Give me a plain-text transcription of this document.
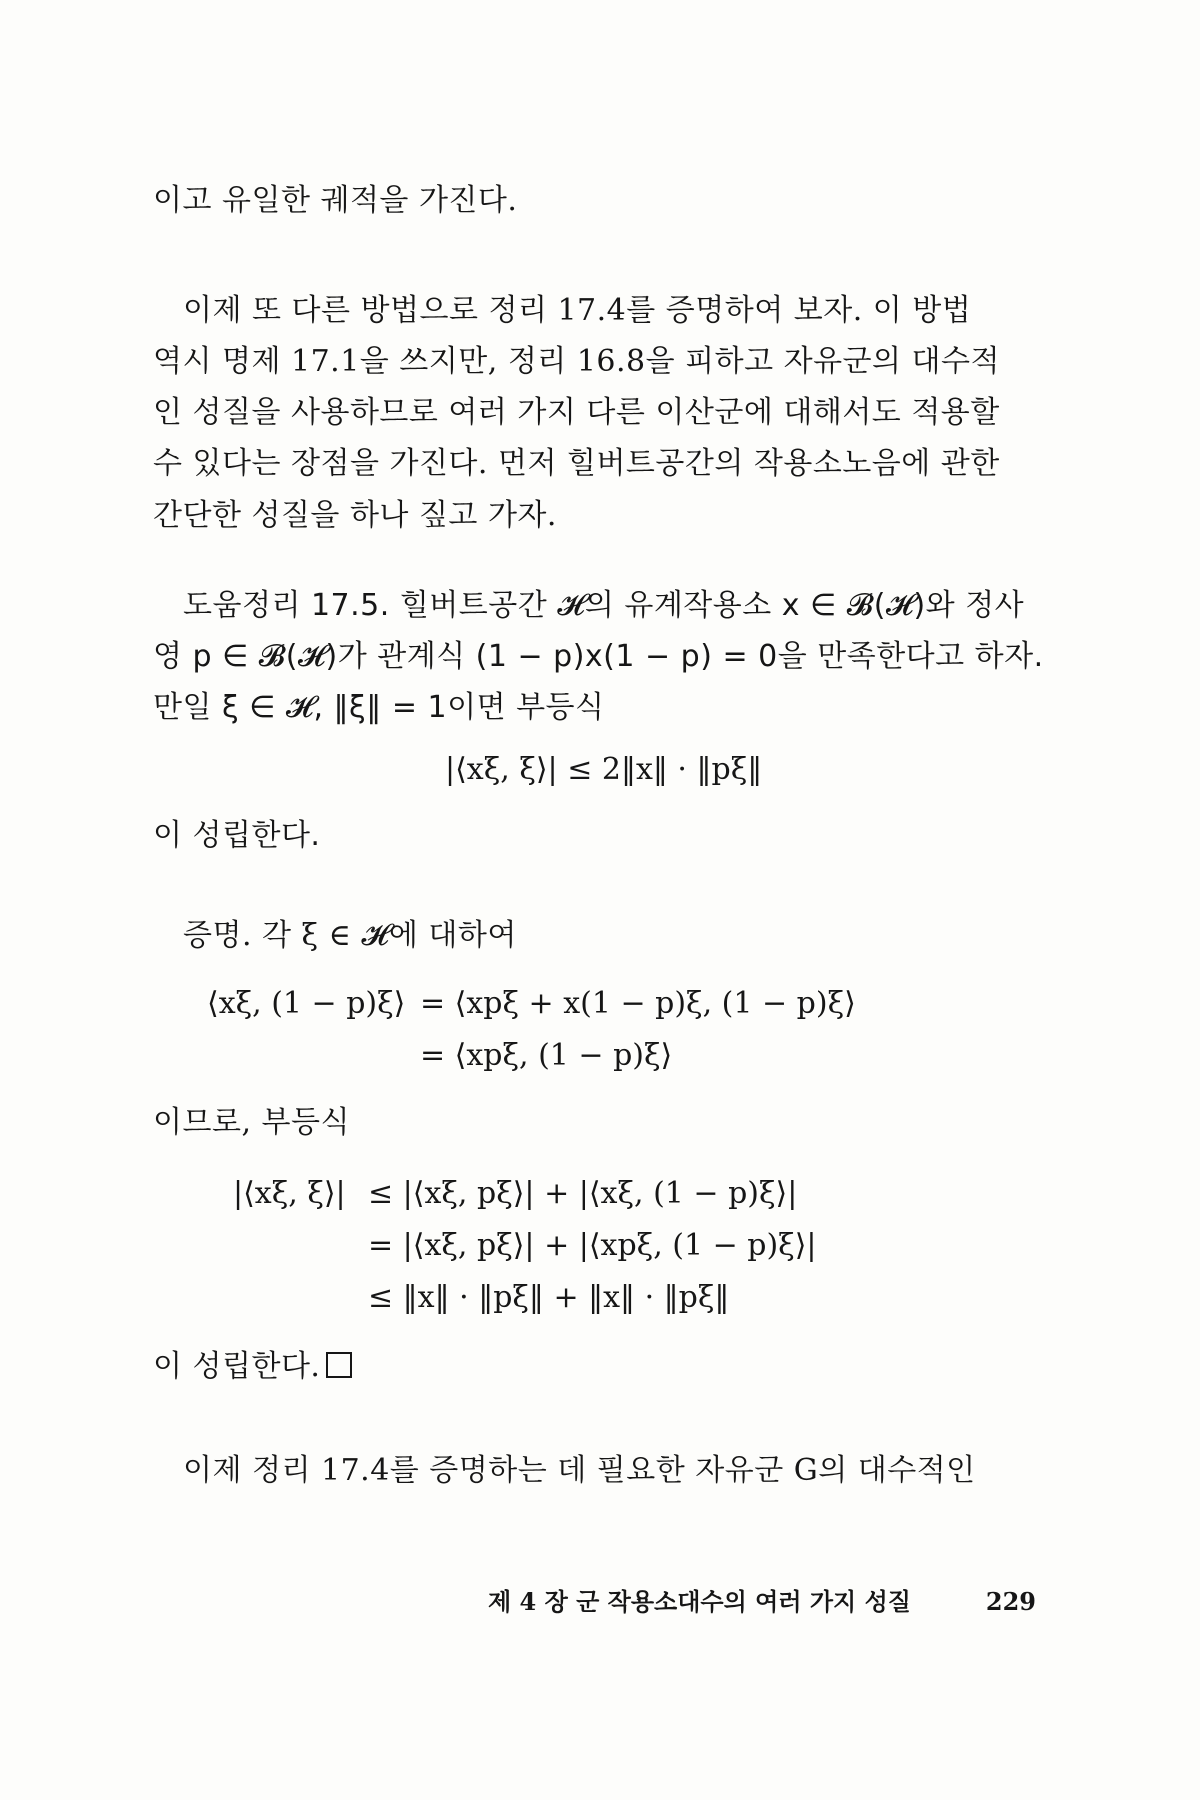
이고 유일한 궤적을 가진다.
이제 또 다른 방법으로 정리 17.4를 증명하여 보자. 이 방법
역시 명제 17.1을 쓰지만, 정리 16.8을 피하고 자유군의 대수적
인 성질을 사용하므로 여러 가지 다른 이산군에 대해서도 적용할
수 있다는 장점을 가진다. 먼저 힐버트공간의 작용소노음에 관한
간단한 성질을 하나 짚고 가자.
도움정리 17.5. 힐버트공간 𝓗의 유계작용소 x ∈ 𝓑(𝓗)와 정사
영 p ∈ 𝓑(𝓗)가 관계식 (1 − p)x(1 − p) = 0을 만족한다고 하자.
만일 ξ ∈ 𝓗, ‖ξ‖ = 1이면 부등식
|⟨xξ, ξ⟩| ≤ 2‖x‖ · ‖pξ‖
이 성립한다.
증명. 각 ξ ∈ 𝓗에 대하여
⟨xξ, (1 − p)ξ⟩ = ⟨xpξ + x(1 − p)ξ, (1 − p)ξ⟩
= ⟨xpξ, (1 − p)ξ⟩
이므로, 부등식
|⟨xξ, ξ⟩| ≤ |⟨xξ, pξ⟩| + |⟨xξ, (1 − p)ξ⟩|
= |⟨xξ, pξ⟩| + |⟨xpξ, (1 − p)ξ⟩|
≤ ‖x‖ · ‖pξ‖ + ‖x‖ · ‖pξ‖
이 성립한다.
이제 정리 17.4를 증명하는 데 필요한 자유군 G의 대수적인
제 4 장 군 작용소대수의 여러 가지 성질	229
